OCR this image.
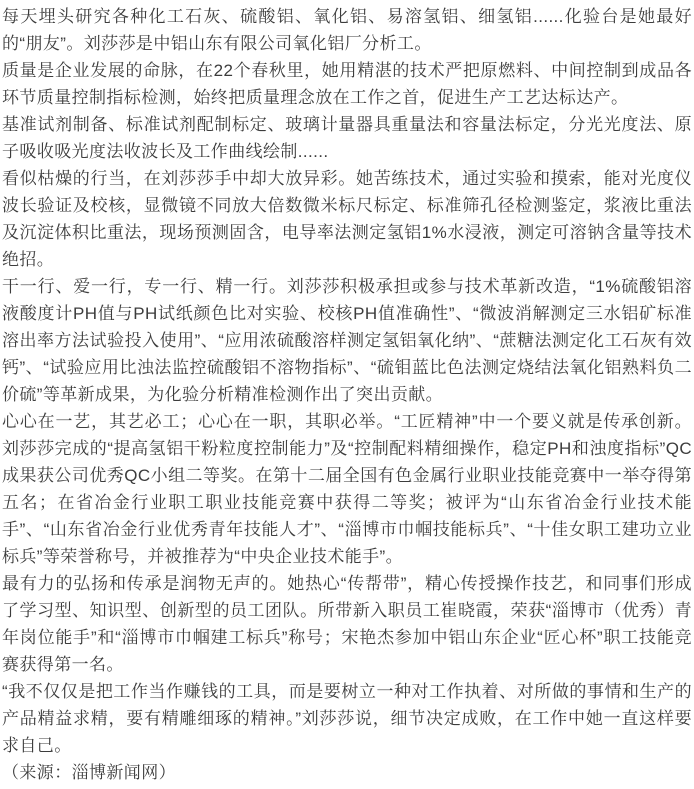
每天埋头研究各种化工石灰、硫酸铝、氧化铝、易溶氢铝、细氢铝......化验台是她最好的“朋友”。刘莎莎是中铝山东有限公司氧化铝厂分析工。

质量是企业发展的命脉，在22个春秋里，她用精湛的技术严把原燃料、中间控制到成品各环节质量控制指标检测，始终把质量理念放在工作之首，促进生产工艺达标达产。

基准试剂制备、标准试剂配制标定、玻璃计量器具重量法和容量法标定，分光光度法、原子吸收吸光度法收波长及工作曲线绘制......

看似枯燥的行当，在刘莎莎手中却大放异彩。她苦练技术，通过实验和摸索，能对光度仪波长验证及校核，显微镜不同放大倍数微米标尺标定、标准筛孔径检测鉴定，浆液比重法及沉淀体积比重法，现场预测固含，电导率法测定氢铝1%水浸液，测定可溶钠含量等技术绝招。

干一行、爱一行，专一行、精一行。刘莎莎积极承担或参与技术革新改造，“1%硫酸铝溶液酸度计PH值与PH试纸颜色比对实验、校核PH值准确性”、“微波消解测定三水铝矿标准溶出率方法试验投入使用”、“应用浓硫酸溶样测定氢铝氧化纳”、“蔗糖法测定化工石灰有效钙”、“试验应用比浊法监控硫酸铝不溶物指标”、“硫钼蓝比色法测定烧结法氧化铝熟料负二价硫”等革新成果，为化验分析精准检测作出了突出贡献。

心心在一艺，其艺必工；心心在一职，其职必举。“工匠精神”中一个要义就是传承创新。刘莎莎完成的“提高氢铝干粉粒度控制能力”及“控制配料精细操作，稳定PH和浊度指标”QC成果获公司优秀QC小组二等奖。在第十二届全国有色金属行业职业技能竞赛中一举夺得第五名；在省冶金行业职工职业技能竞赛中获得二等奖；被评为“山东省冶金行业技术能手”、“山东省冶金行业优秀青年技能人才”、“淄博市巾帼技能标兵”、“十佳女职工建功立业标兵”等荣誉称号，并被推荐为“中央企业技术能手”。

最有力的弘扬和传承是润物无声的。她热心“传帮带”，精心传授操作技艺，和同事们形成了学习型、知识型、创新型的员工团队。所带新入职员工崔晓霞，荣获“淄博市（优秀）青年岗位能手”和“淄博市巾帼建工标兵”称号；宋艳杰参加中铝山东企业“匠心杯”职工技能竞赛获得第一名。

“我不仅仅是把工作当作赚钱的工具，而是要树立一种对工作执着、对所做的事情和生产的产品精益求精，要有精雕细琢的精神。”刘莎莎说，细节决定成败，在工作中她一直这样要求自己。

（来源：淄博新闻网）
